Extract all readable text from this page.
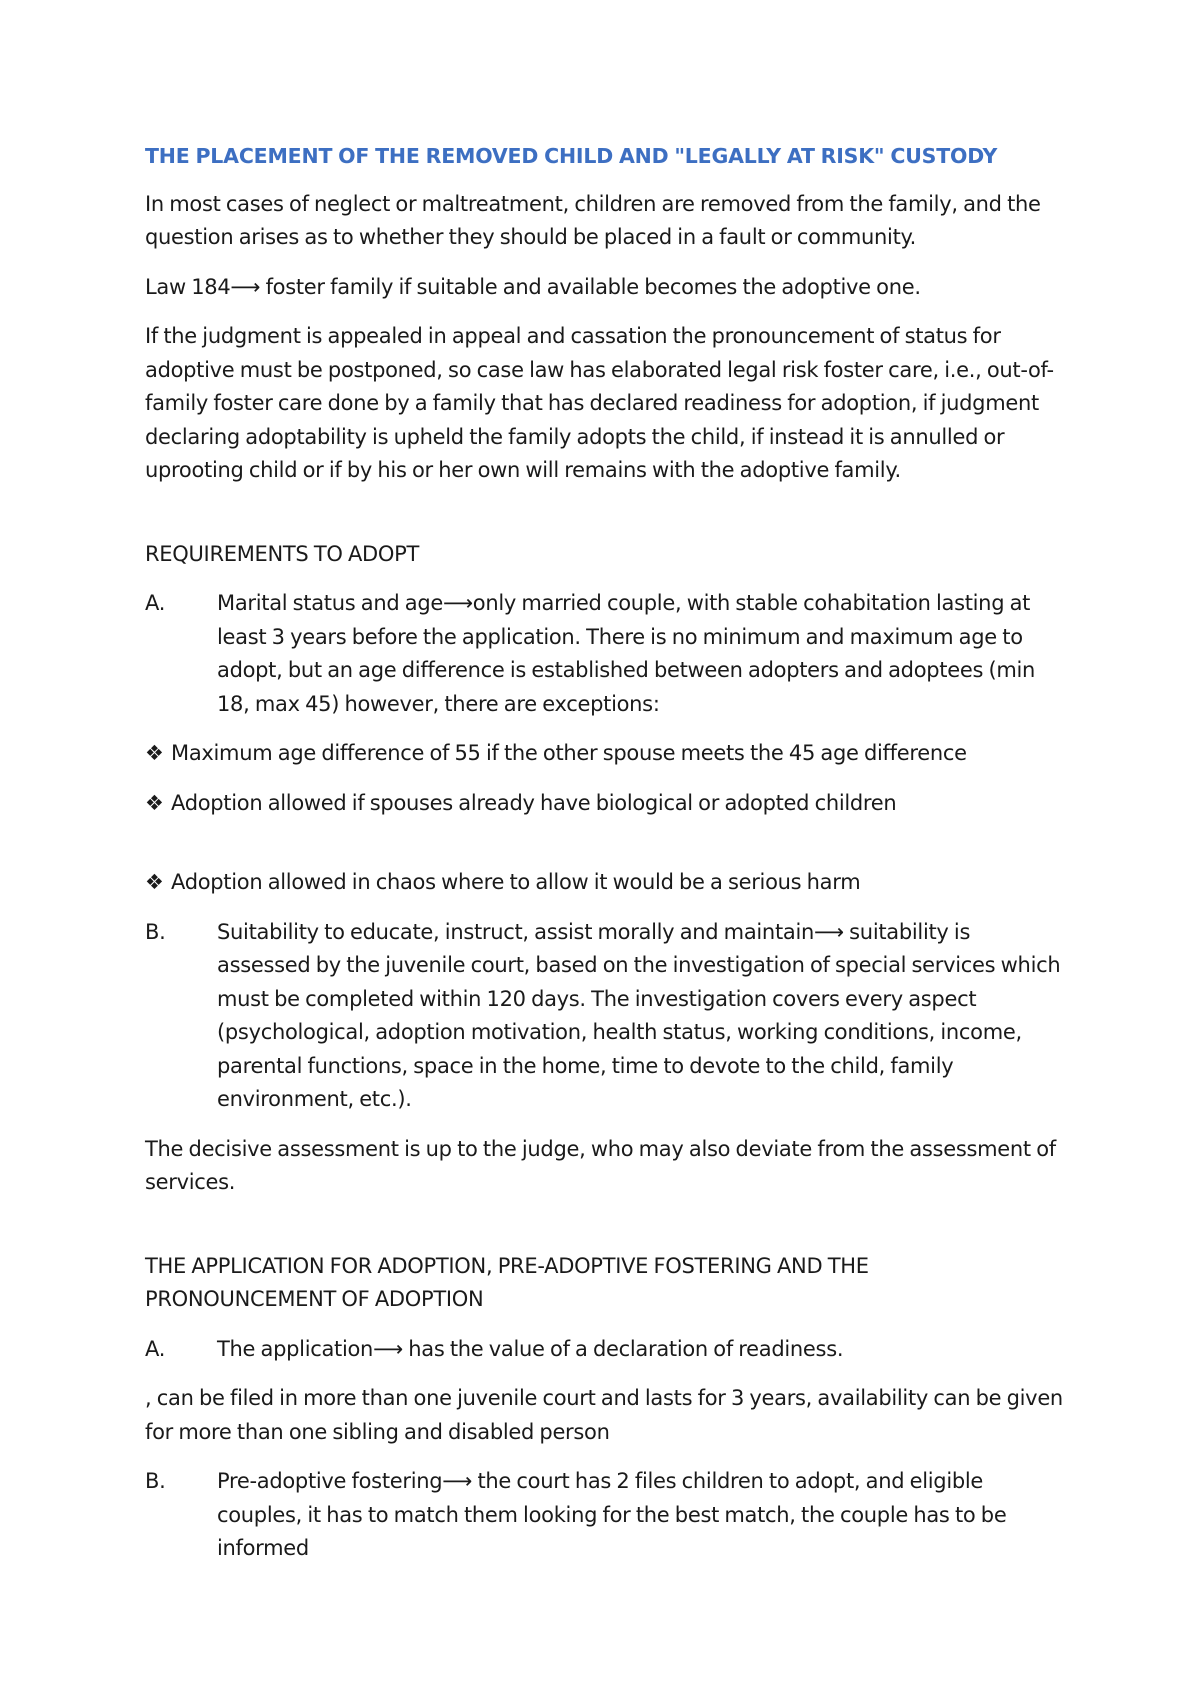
THE PLACEMENT OF THE REMOVED CHILD AND "LEGALLY AT RISK" CUSTODY

In most cases of neglect or maltreatment, children are removed from the family, and the question arises as to whether they should be placed in a fault or community.

Law 184⟶ foster family if suitable and available becomes the adoptive one.

If the judgment is appealed in appeal and cassation the pronouncement of status for adoptive must be postponed, so case law has elaborated legal risk foster care, i.e., out-of-family foster care done by a family that has declared readiness for adoption, if judgment declaring adoptability is upheld the family adopts the child, if instead it is annulled or uprooting child or if by his or her own will remains with the adoptive family.

REQUIREMENTS TO ADOPT

A.	Marital status and age⟶only married couple, with stable cohabitation lasting at least 3 years before the application. There is no minimum and maximum age to adopt, but an age difference is established between adopters and adoptees (min 18, max 45) however, there are exceptions:

❖ Maximum age difference of 55 if the other spouse meets the 45 age difference

❖ Adoption allowed if spouses already have biological or adopted children

❖ Adoption allowed in chaos where to allow it would be a serious harm

B.	Suitability to educate, instruct, assist morally and maintain⟶ suitability is assessed by the juvenile court, based on the investigation of special services which must be completed within 120 days. The investigation covers every aspect (psychological, adoption motivation, health status, working conditions, income, parental functions, space in the home, time to devote to the child, family environment, etc.).

The decisive assessment is up to the judge, who may also deviate from the assessment of services.

THE APPLICATION FOR ADOPTION, PRE-ADOPTIVE FOSTERING AND THE PRONOUNCEMENT OF ADOPTION

A.	The application⟶ has the value of a declaration of readiness.

, can be filed in more than one juvenile court and lasts for 3 years, availability can be given for more than one sibling and disabled person

B.	Pre-adoptive fostering⟶ the court has 2 files children to adopt, and eligible couples, it has to match them looking for the best match, the couple has to be informed
